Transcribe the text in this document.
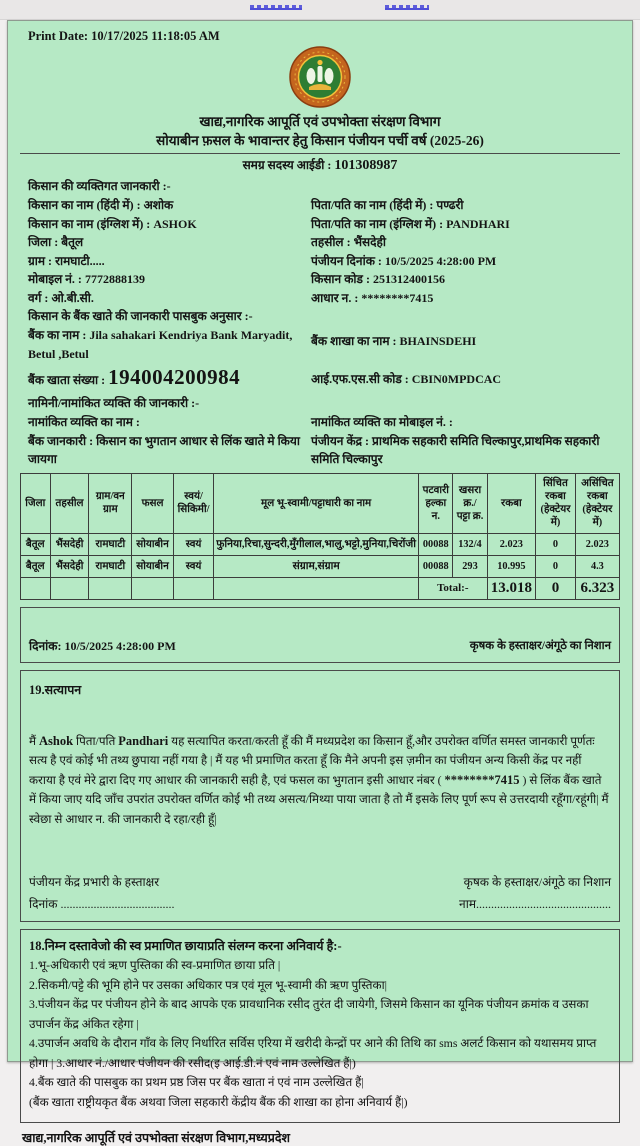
Print Date: 10/17/2025 11:18:05 AM
खाद्य,नागरिक आपूर्ति एवं उपभोक्ता संरक्षण विभाग
सोयाबीन फ़सल के भावान्तर हेतु किसान पंजीयन पर्ची वर्ष (2025-26)
समग्र सदस्य आईडी : 101308987
किसान की व्यक्तिगत जानकारी :-
किसान का नाम (हिंदी में) : अशोक	पिता/पति का नाम (हिंदी में) : पण्ढरी
किसान का नाम (इंग्लिश में) : ASHOK	पिता/पति का नाम (इंग्लिश में) : PANDHARI
जिला : बैतूल	तहसील : भैंसदेही
ग्राम : रामघाटी.....	पंजीयन दिनांक : 10/5/2025 4:28:00 PM
मोबाइल नं. : 7772888139	किसान कोड : 251312400156
वर्ग : ओ.बी.सी.	आधार न. : ********7415
किसान के बैंक खाते की जानकारी पासबुक अनुसार :-
बैंक का नाम : Jila sahakari Kendriya Bank Maryadit, Betul ,Betul
बैंक शाखा का नाम : BHAINSDEHI
बैंक खाता संख्या : 194004200984	आई.एफ.एस.सी कोड : CBIN0MPDCAC
नामिनी/नामांकित व्यक्ति की जानकारी :-
नामांकित व्यक्ति का नाम :	नामांकित व्यक्ति का मोबाइल नं. :
बैंक जानकारी : किसान का भुगतान आधार से लिंक खाते मे किया जायगा
पंजीयन केंद्र : प्राथमिक सहकारी समिति चिल्कापुर,प्राथमिक सहकारी समिति चिल्कापुर
जिला	तहसील	ग्राम/वन ग्राम	फसल	स्वयं/ सिकिमी/	मूल भू-स्वामी/पट्टाधारी का नाम	पटवारी हल्का न.	खसरा क्र./ पट्टा क्र.	रकबा	सिंचित रकबा (हेक्टेयर में)	असिंचित रकबा (हेक्टेयर में)
बैतूल	भैंसदेही	रामघाटी	सोयाबीन	स्वयं	फुनिया,रिचा,सुन्दरी,मुँगीलाल,भालु,भट्टो,मुनिया,चिरोंजी	00088	132/4	2.023	0	2.023
बैतूल	भैंसदेही	रामघाटी	सोयाबीन	स्वयं	संग्राम,संग्राम	00088	293	10.995	0	4.3
						Total:-		13.018	0	6.323
दिनांक: 10/5/2025 4:28:00 PM	कृषक के हस्ताक्षर/अंगूठे का निशान
19.सत्यापन
मैं Ashok पिता/पति Pandhari यह सत्यापित करता/करती हूँ की मैं मध्यप्रदेश का किसान हूँ,और उपरोक्त वर्णित समस्त जानकारी पूर्णतः सत्य है एवं कोई भी तथ्य छुपाया नहीं गया है | मैं यह भी प्रमाणित करता हूँ कि मैने अपनी इस ज़मीन का पंजीयन अन्य किसी केंद्र पर नहीं कराया है एवं मेरे द्वारा दिए गए आधार की जानकारी सही है, एवं फसल का भुगतान इसी आधार नंबर ( ********7415 ) से लिंक बैंक खाते में किया जाए यदि जाँच उपरांत उपरोक्त वर्णित कोई भी तथ्य असत्य/मिथ्या पाया जाता है तो मैं इसके लिए पूर्ण रूप से उत्तरदायी रहूँगा/रहूंगी| मैं स्वेछा से आधार न. की जानकारी दे रहा/रही हूँ|
पंजीयन केंद्र प्रभारी के हस्ताक्षर	कृषक के हस्ताक्षर/अंगूठे का निशान
दिनांक ......................................	नाम.............................................
18.निम्न दस्तावेजो की स्व प्रमाणित छायाप्रति संलग्न करना अनिवार्य है:-
1.भू-अधिकारी एवं ऋण पुस्तिका की स्व-प्रमाणित छाया प्रति |
2.सिकमी/पट्टे की भूमि होने पर उसका अधिकार पत्र एवं मूल भू-स्वामी की ऋण पुस्तिका|
3.पंजीयन केंद्र पर पंजीयन होने के बाद आपके एक प्रावधानिक रसीद तुरंत दी जायेगी, जिसमे किसान का यूनिक पंजीयन क्रमांक व उसका उपार्जन केंद्र अंकित रहेगा |
4.उपार्जन अवधि के दौरान गाँव के लिए निर्धारित सर्विस एरिया में खरीदी केन्द्रों पर आने की तिथि का sms अलर्ट किसान को यथासमय प्राप्त होगा | 3.आधार नं./आधार पंजीयन की रसीद(इ आई.डी.नं एवं नाम उल्लेखित हैं|)
4.बैंक खाते की पासबुक का प्रथम प्रष्ठ जिस पर बैंक खाता नं एवं नाम उल्लेखित हैं|
(बैंक खाता राष्ट्रीयकृत बैंक अथवा जिला सहकारी केंद्रीय बैंक की शाखा का होना अनिवार्य हैं|)
खाद्य,नागरिक आपूर्ति एवं उपभोक्ता संरक्षण विभाग,मध्यप्रदेश
